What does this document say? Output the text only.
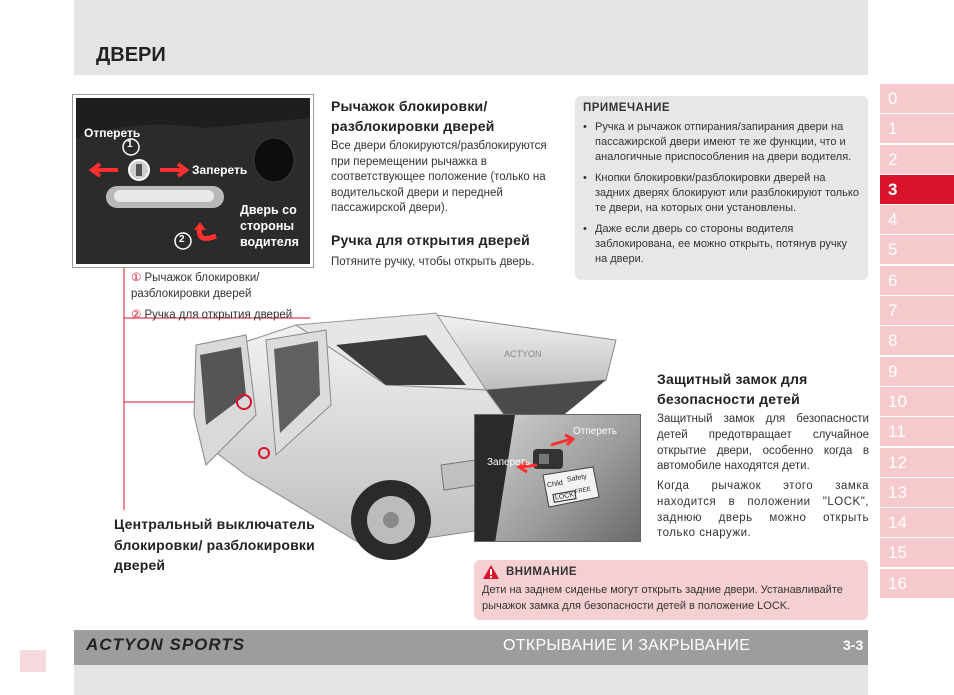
ДВЕРИ
0
1
2
3
4
5
6
7
8
9
10
11
12
13
14
15
16
Отпереть
Запереть
Дверь со стороны водителя
1
2
Рычажок блокировки/ разблокировки дверей
Все двери блокируются/разблокируются при перемещении рычажка в соответствующее положение (только на водительской двери и передней пассажирской двери).
Ручка для открытия дверей
Потяните ручку, чтобы открыть дверь.
ПРИМЕЧАНИЕ
• Ручка и рычажок отпирания/запирания двери на пассажирской двери имеют те же функции, что и аналогичные приспособления на двери водителя.
• Кнопки блокировки/разблокировки дверей на задних дверях блокируют или разблокируют только те двери, на которых они установлены.
• Даже если дверь со стороны водителя заблокирована, ее можно открыть, потянув ручку на двери.
① Рычажок блокировки/ разблокировки дверей
② Ручка для открытия дверей
ACTYON
Центральный выключатель блокировки/ разблокировки дверей
Отпереть
Запереть
Child
Safety
LOCK
FREE
Защитный замок для безопасности детей
Защитный замок для безопасности детей предотвращает случайное открытие двери, особенно когда в автомобиле находятся дети.
Когда рычажок этого замка находится в положении "LOCK", заднюю дверь можно открыть только снаружи.
ВНИМАНИЕ
Дети на заднем сиденье могут открыть задние двери. Устанавливайте рычажок замка для безопасности детей в положение LOCK.
ACTYON SPORTS	ОТКРЫВАНИЕ И ЗАКРЫВАНИЕ	3-3
